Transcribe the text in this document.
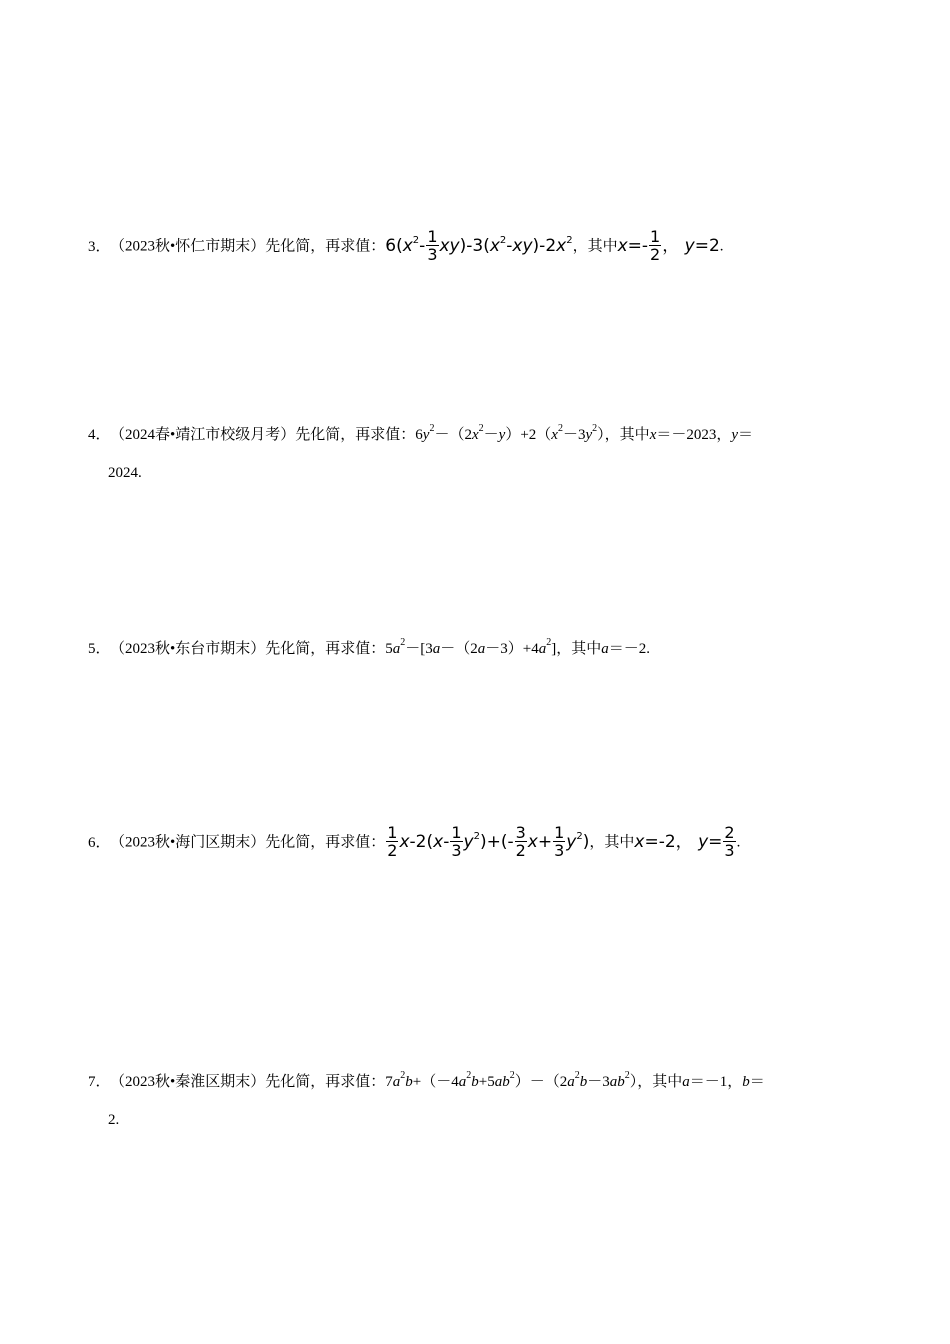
3．（2023秋•怀仁市期末）先化简，再求值：$6(x^2- \frac{1}{3} xy)-3(x^2-xy)-2x^2$，其中$x=- \frac{1}{2}$ ， y=2.
4．（2024春•靖江市校级月考）先化简，再求值：$6y^2-(2x^2-y)+2(x^2-3y^2)$，其中x＝－2023，y＝
2024.
5．（2023秋•东台市期末）先化简，再求值：$5a^2-[3a-(2a-3)+4a^2]$，其中a＝－2.
6．（2023秋•海门区期末）先化简，再求值： $\frac{1}{2} x-2(x- \frac{1}{3} y^2)+(- \frac{3}{2} x+ \frac{1}{3} y^2)$，其中x=-2， $y= \frac{2}{3}$ .
7．（2023秋•秦淮区期末）先化简，再求值：$7a^2b+(-4a^2b+5ab^2)-(2a^2b-3ab^2)$，其中a＝－1，b＝
2.
